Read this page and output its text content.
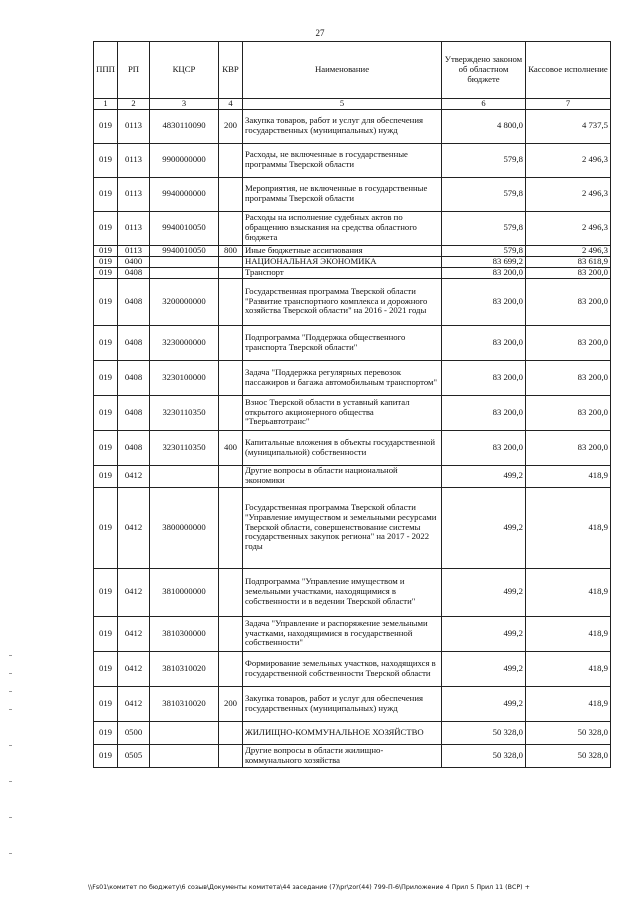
27
ППП	РП	КЦСР	КВР	Наименование	Утверждено законом об областном бюджете	Кассовое исполнение
1	2	3	4	5	6	7
019	0113	4830110090	200	Закупка товаров, работ и услуг для обеспечения государственных (муниципальных) нужд	4 800,0	4 737,5
019	0113	9900000000		Расходы, не включенные в государственные программы Тверской области	579,8	2 496,3
019	0113	9940000000		Мероприятия, не включенные в государственные программы Тверской области	579,8	2 496,3
019	0113	9940010050		Расходы на исполнение судебных актов по обращению взыскания на средства областного бюджета	579,8	2 496,3
019	0113	9940010050	800	Иные бюджетные ассигнования	579,8	2 496,3
019	0400			НАЦИОНАЛЬНАЯ ЭКОНОМИКА	83 699,2	83 618,9
019	0408			Транспорт	83 200,0	83 200,0
019	0408	3200000000		Государственная программа Тверской области "Развитие транспортного комплекса и дорожного хозяйства Тверской области" на 2016 - 2021 годы	83 200,0	83 200,0
019	0408	3230000000		Подпрограмма "Поддержка общественного транспорта Тверской области"	83 200,0	83 200,0
019	0408	3230100000		Задача "Поддержка регулярных перевозок пассажиров и багажа автомобильным транспортом"	83 200,0	83 200,0
019	0408	3230110350		Взнос Тверской области в уставный капитал открытого акционерного общества "Тверьавтотранс"	83 200,0	83 200,0
019	0408	3230110350	400	Капитальные вложения в объекты государственной (муниципальной) собственности	83 200,0	83 200,0
019	0412			Другие вопросы в области национальной экономики	499,2	418,9
019	0412	3800000000		Государственная программа Тверской области "Управление имуществом и земельными ресурсами Тверской области, совершенствование системы государственных закупок региона" на 2017 - 2022 годы	499,2	418,9
019	0412	3810000000		Подпрограмма "Управление имуществом и земельными участками, находящимися в собственности и в ведении Тверской области"	499,2	418,9
019	0412	3810300000		Задача "Управление и распоряжение земельными участками, находящимися в государственной собственности"	499,2	418,9
019	0412	3810310020		Формирование земельных участков, находящихся в государственной собственности Тверской области	499,2	418,9
019	0412	3810310020	200	Закупка товаров, работ и услуг для обеспечения государственных (муниципальных) нужд	499,2	418,9
019	0500			ЖИЛИЩНО-КОММУНАЛЬНОЕ ХОЗЯЙСТВО	50 328,0	50 328,0
019	0505			Другие вопросы в области жилищно-коммунального хозяйства	50 328,0	50 328,0
\\Fs01\комитет по бюджету\6 созыв\Документы комитета\44 заседание (7)\pr\zor(44) 799-П-6\Приложение 4 Прил 5 Прил 11 (ВСР) +
